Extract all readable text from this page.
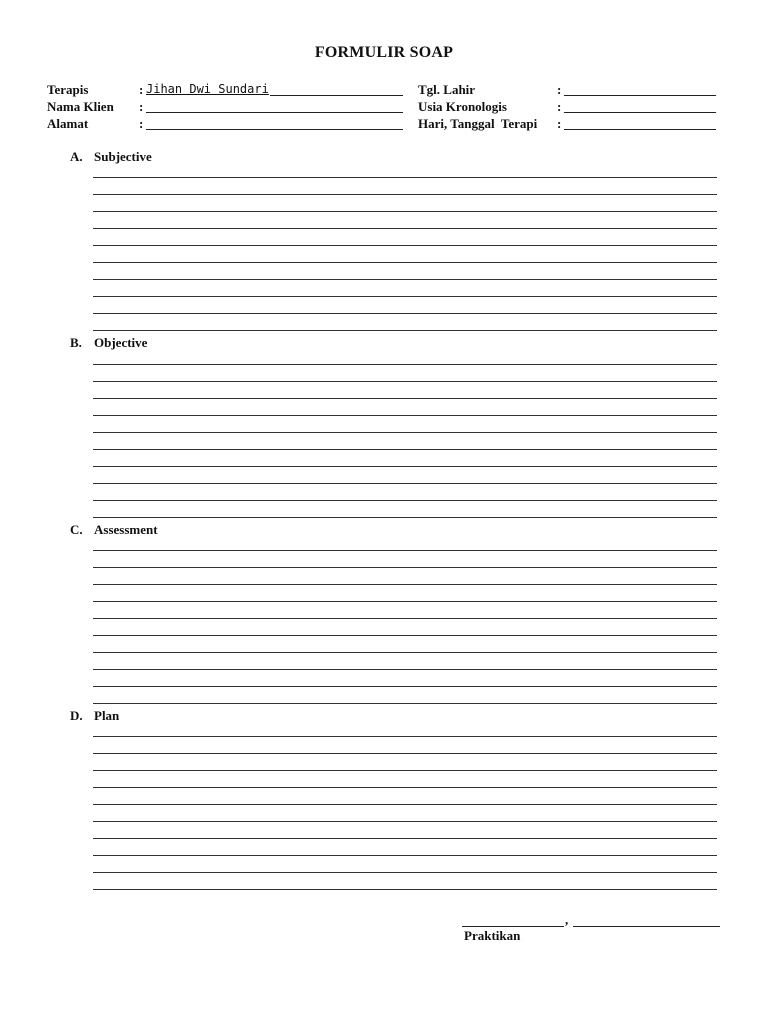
FORMULIR SOAP
Terapis	: Jihan Dwi Sundari
Nama Klien :
Alamat	:
Tgl. Lahir	:
Usia Kronologis	:
Hari, Tanggal  Terapi :
A. Subjective
B. Objective
C. Assessment
D. Plan
,
Praktikan
